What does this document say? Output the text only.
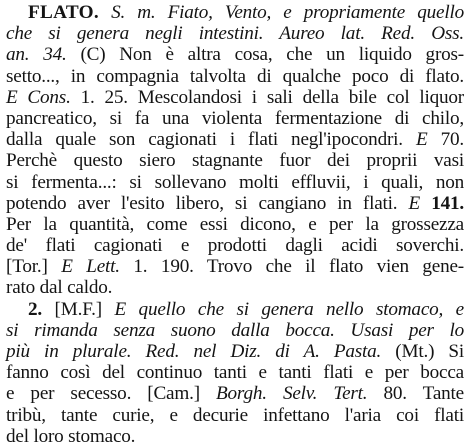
FLATO. S. m. Fiato, Vento, e propriamente quello
che si genera negli intestini. Aureo lat. Red. Oss.
an. 34. (C) Non è altra cosa, che un liquido gros-
setto..., in compagnia talvolta di qualche poco di flato.
E Cons. 1. 25. Mescolandosi i sali della bile col liquor
pancreatico, si fa una violenta fermentazione di chilo,
dalla quale son cagionati i flati negl'ipocondri. E 70.
Perchè questo siero stagnante fuor dei proprii vasi
si fermenta...: si sollevano molti effluvii, i quali, non
potendo aver l'esito libero, si cangiano in flati. E 141.
Per la quantità, come essi dicono, e per la grossezza
de' flati cagionati e prodotti dagli acidi soverchi.
[Tor.] E Lett. 1. 190. Trovo che il flato vien gene-
rato dal caldo.
2. [M.F.] E quello che si genera nello stomaco, e
si rimanda senza suono dalla bocca. Usasi per lo
più in plurale. Red. nel Diz. di A. Pasta. (Mt.) Si
fanno così del continuo tanti e tanti flati e per bocca
e per secesso. [Cam.] Borgh. Selv. Tert. 80. Tante
tribù, tante curie, e decurie infettano l'aria coi flati
del loro stomaco.
